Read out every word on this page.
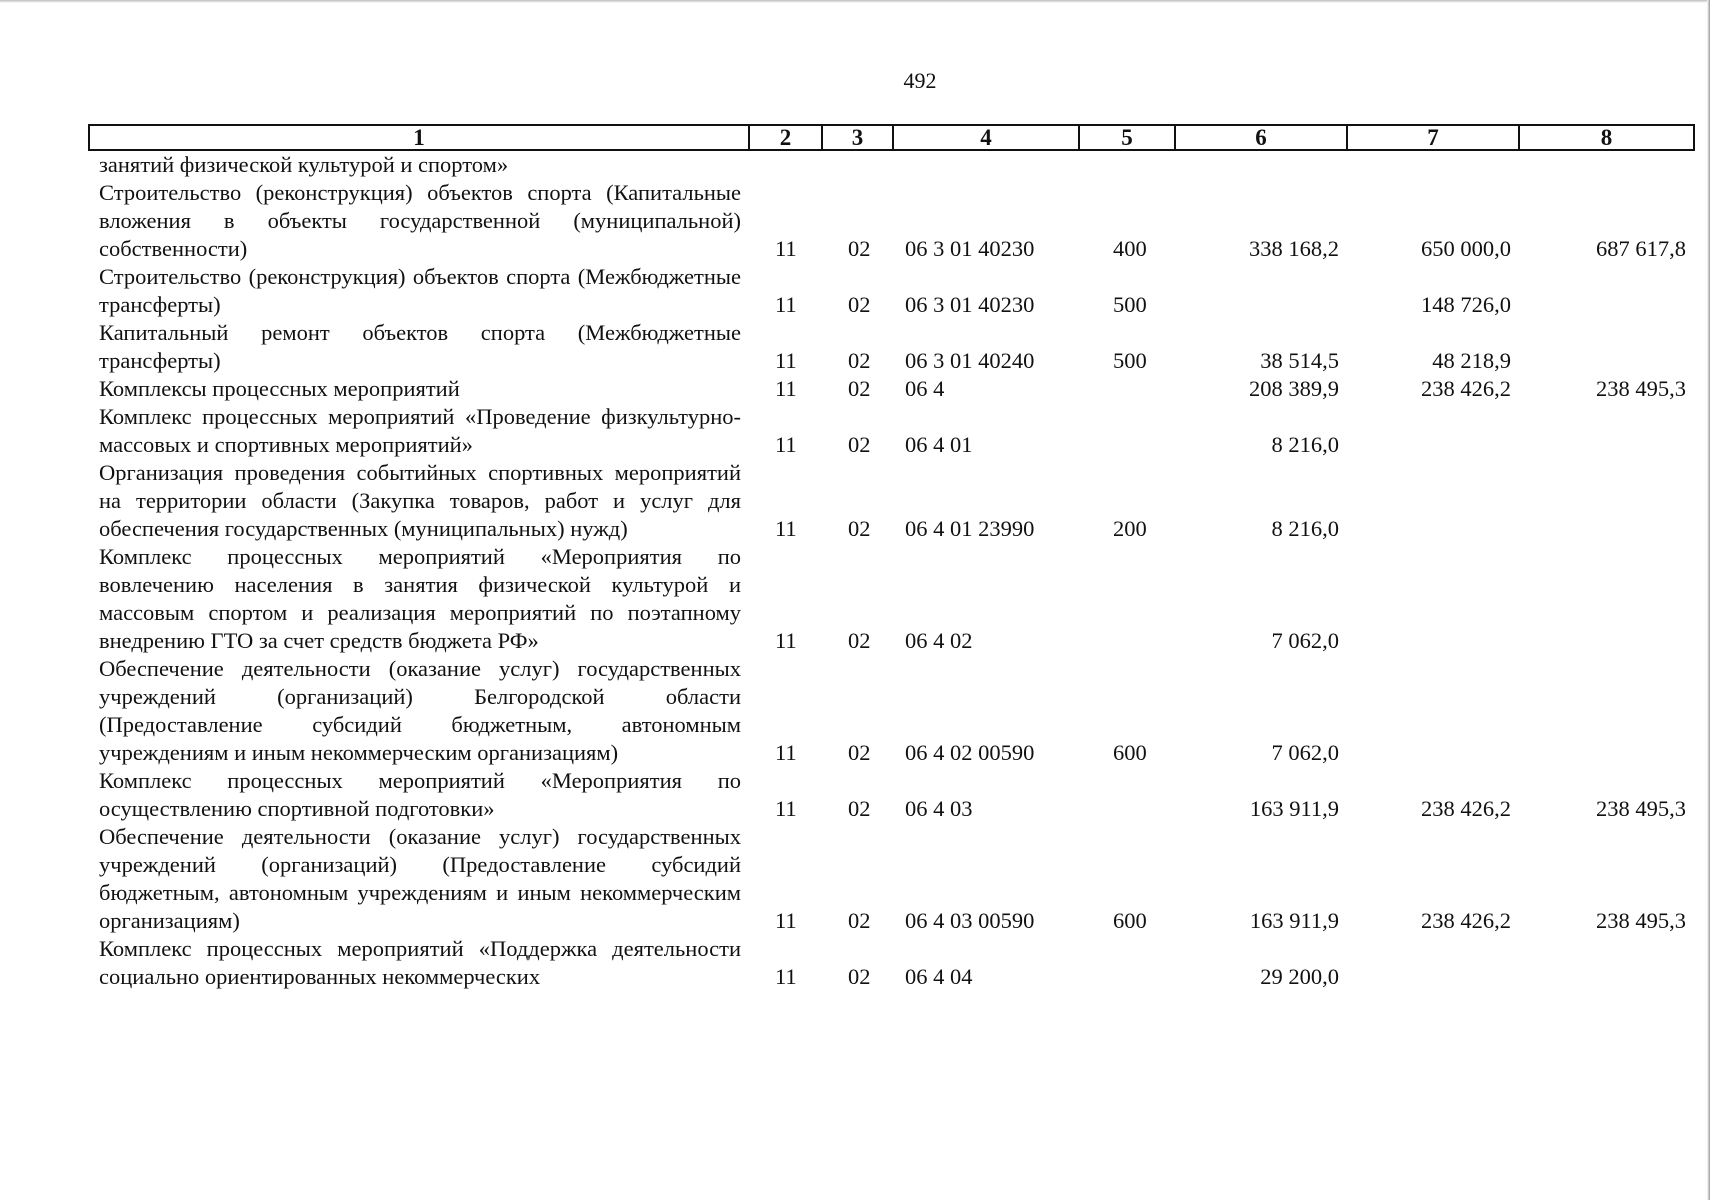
492
1	2	3	4	5	6	7	8
занятий физической культурой и спортом»							
Строительство (реконструкция) объектов спорта (Капитальные вложения в объекты государственной (муниципальной) собственности)	11	02	06 3 01 40230	400	338 168,2	650 000,0	687 617,8
Строительство (реконструкция) объектов спорта (Межбюджетные трансферты)	11	02	06 3 01 40230	500		148 726,0	
Капитальный ремонт объектов спорта (Межбюджетные трансферты)	11	02	06 3 01 40240	500	38 514,5	48 218,9	
Комплексы процессных мероприятий	11	02	06 4		208 389,9	238 426,2	238 495,3
Комплекс процессных мероприятий «Проведение физкультурно-массовых и спортивных мероприятий»	11	02	06 4 01		8 216,0		
Организация проведения событийных спортивных мероприятий на территории области (Закупка товаров, работ и услуг для обеспечения государственных (муниципальных) нужд)	11	02	06 4 01 23990	200	8 216,0		
Комплекс процессных мероприятий «Мероприятия по вовлечению населения в занятия физической культурой и массовым спортом и реализация мероприятий по поэтапному внедрению ГТО за счет средств бюджета РФ»	11	02	06 4 02		7 062,0		
Обеспечение деятельности (оказание услуг) государственных учреждений (организаций) Белгородской области (Предоставление субсидий бюджетным, автономным учреждениям и иным некоммерческим организациям)	11	02	06 4 02 00590	600	7 062,0		
Комплекс процессных мероприятий «Мероприятия по осуществлению спортивной подготовки»	11	02	06 4 03		163 911,9	238 426,2	238 495,3
Обеспечение деятельности (оказание услуг) государственных учреждений (организаций) (Предоставление субсидий бюджетным, автономным учреждениям и иным некоммерческим организациям)	11	02	06 4 03 00590	600	163 911,9	238 426,2	238 495,3
Комплекс процессных мероприятий «Поддержка деятельности социально ориентированных некоммерческих	11	02	06 4 04		29 200,0		
